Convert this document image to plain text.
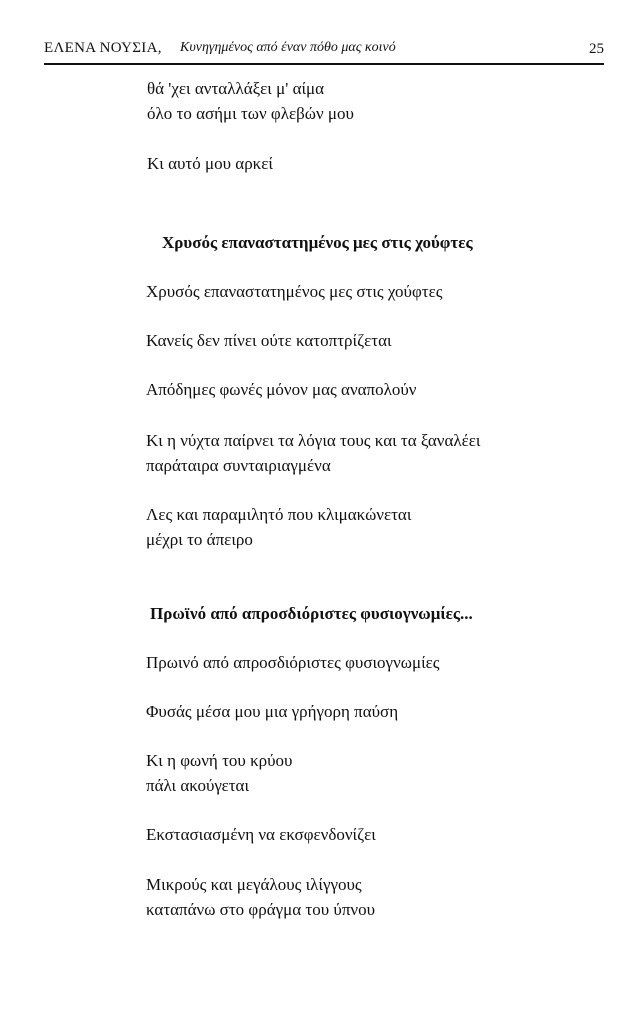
ΕΛΕΝΑ ΝΟΥΣΙΑ, Κυνηγημένος από έναν πόθο μας κοινό	25
θά 'χει ανταλλάξει μ' αίμα
όλο το ασήμι των φλεβών μου
Κι αυτό μου αρκεί
Χρυσός επαναστατημένος μες στις χούφτες
Χρυσός επαναστατημένος μες στις χούφτες
Κανείς δεν πίνει ούτε κατοπτρίζεται
Απόδημες φωνές μόνον μας αναπολούν
Κι η νύχτα παίρνει τα λόγια τους και τα ξαναλέει
παράταιρα συνταιριαγμένα
Λες και παραμιλητό που κλιμακώνεται
μέχρι το άπειρο
Πρωϊνό από απροσδιόριστες φυσιογνωμίες...
Πρωινό από απροσδιόριστες φυσιογνωμίες
Φυσάς μέσα μου μια γρήγορη παύση
Κι η φωνή του κρύου
πάλι ακούγεται
Εκστασιασμένη να εκσφενδονίζει
Μικρούς και μεγάλους ιλίγγους
καταπάνω στο φράγμα του ύπνου
